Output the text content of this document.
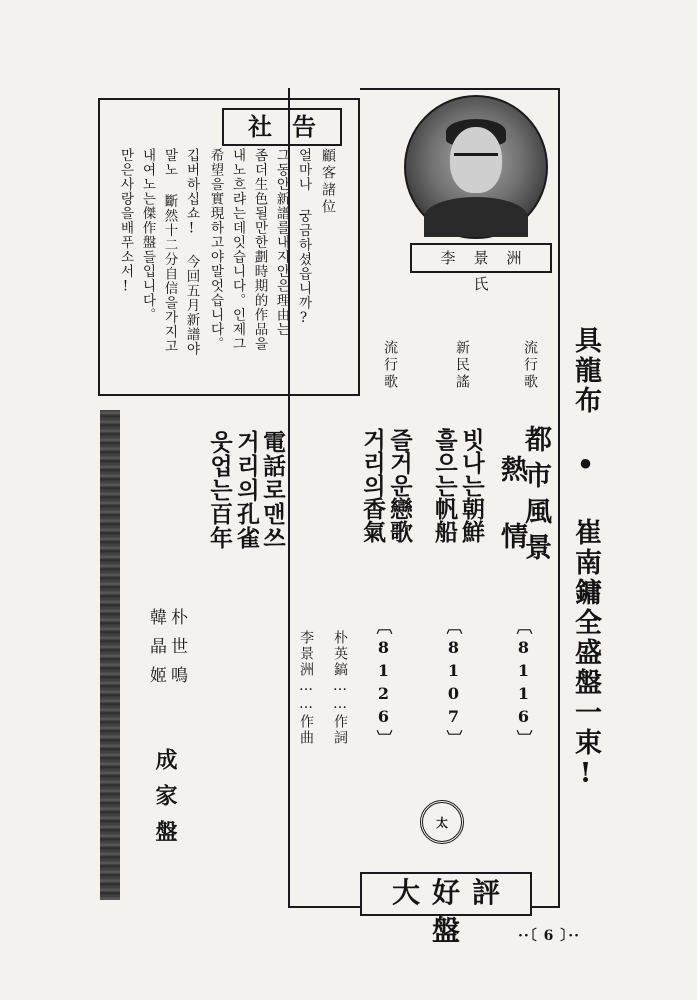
社告
顧客諸位
얼마나 궁금하셨읍니까?
그동안新譜를내지안은理由는
좀더生色될만한劃時期的作品을
내노흐랴는데잇습니다。인제그
希望을實現하고야말엇습니다。
깁버하십쇼! 今回五月新譜야
말노 斷然十二分自信을가지고
내여노는傑作盤들입니다。
만은사랑을배푸소서!	李景洲氏
具龍布 • 崔南鏞全盛盤一束!
流行歌
都市風景
熱情
〔8116〕
新民謠
빗나는朝鮮
흘으는帆船
〔8107〕
流行歌
즐거운戀歌
거리의香氣
〔8126〕
朴英鎬……作詞
李景洲……作曲
太
大好評盤
電話로맨쓰
거리의孔雀
웃업는百年
朴世鳴
韓晶姬
成家盤
··〔 6 〕··
